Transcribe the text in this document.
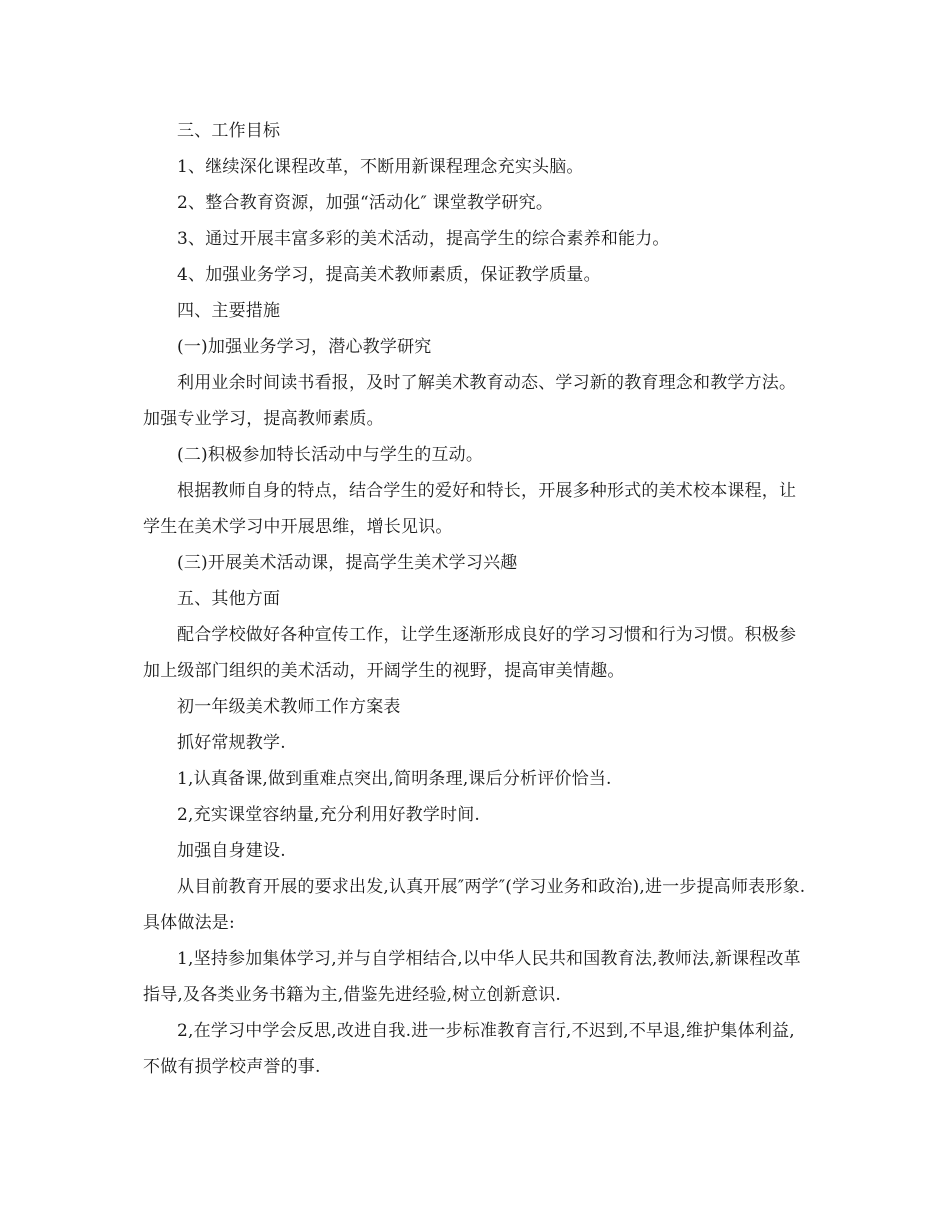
三、工作目标

1、继续深化课程改革，不断用新课程理念充实头脑。

2、整合教育资源，加强“活动化″ 课堂教学研究。

3、通过开展丰富多彩的美术活动，提高学生的综合素养和能力。

4、加强业务学习，提高美术教师素质，保证教学质量。

四、主要措施

(一)加强业务学习，潜心教学研究

利用业余时间读书看报，及时了解美术教育动态、学习新的教育理念和教学方法。加强专业学习，提高教师素质。

(二)积极参加特长活动中与学生的互动。

根据教师自身的特点，结合学生的爱好和特长，开展多种形式的美术校本课程，让学生在美术学习中开展思维，增长见识。

(三)开展美术活动课，提高学生美术学习兴趣

五、其他方面

配合学校做好各种宣传工作，让学生逐渐形成良好的学习习惯和行为习惯。积极参加上级部门组织的美术活动，开阔学生的视野，提高审美情趣。

初一年级美术教师工作方案表

抓好常规教学.

1,认真备课,做到重难点突出,简明条理,课后分析评价恰当.

2,充实课堂容纳量,充分利用好教学时间.

加强自身建设.

从目前教育开展的要求出发,认真开展″两学″(学习业务和政治),进一步提高师表形象.具体做法是:

1,坚持参加集体学习,并与自学相结合,以中华人民共和国教育法,教师法,新课程改革指导,及各类业务书籍为主,借鉴先进经验,树立创新意识.

2,在学习中学会反思,改进自我.进一步标准教育言行,不迟到,不早退,维护集体利益,不做有损学校声誉的事.
